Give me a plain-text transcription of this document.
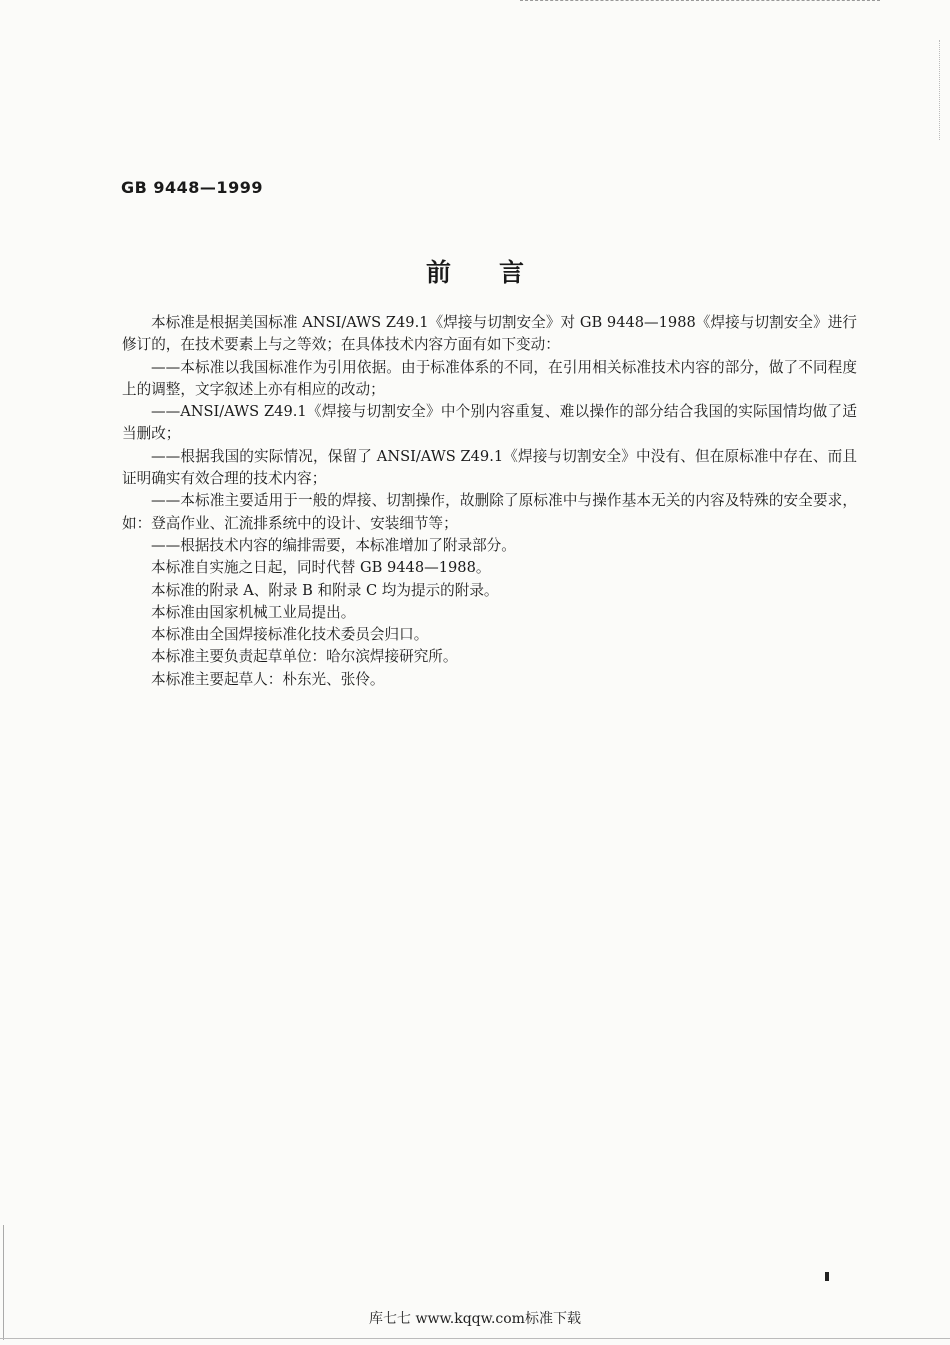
GB 9448—1999
前言

本标准是根据美国标准 ANSI/AWS Z49.1《焊接与切割安全》对 GB 9448—1988《焊接与切割安全》进行修订的，在技术要素上与之等效；在具体技术内容方面有如下变动：

——本标准以我国标准作为引用依据。由于标准体系的不同，在引用相关标准技术内容的部分，做了不同程度上的调整，文字叙述上亦有相应的改动；

——ANSI/AWS Z49.1《焊接与切割安全》中个别内容重复、难以操作的部分结合我国的实际国情均做了适当删改；

——根据我国的实际情况，保留了 ANSI/AWS Z49.1《焊接与切割安全》中没有、但在原标准中存在、而且证明确实有效合理的技术内容；

——本标准主要适用于一般的焊接、切割操作，故删除了原标准中与操作基本无关的内容及特殊的安全要求，如：登高作业、汇流排系统中的设计、安装细节等；

——根据技术内容的编排需要，本标准增加了附录部分。

本标准自实施之日起，同时代替 GB 9448—1988。

本标准的附录 A、附录 B 和附录 C 均为提示的附录。

本标准由国家机械工业局提出。

本标准由全国焊接标准化技术委员会归口。

本标准主要负责起草单位：哈尔滨焊接研究所。

本标准主要起草人：朴东光、张伶。

库七七 www.kqqw.com标准下载
